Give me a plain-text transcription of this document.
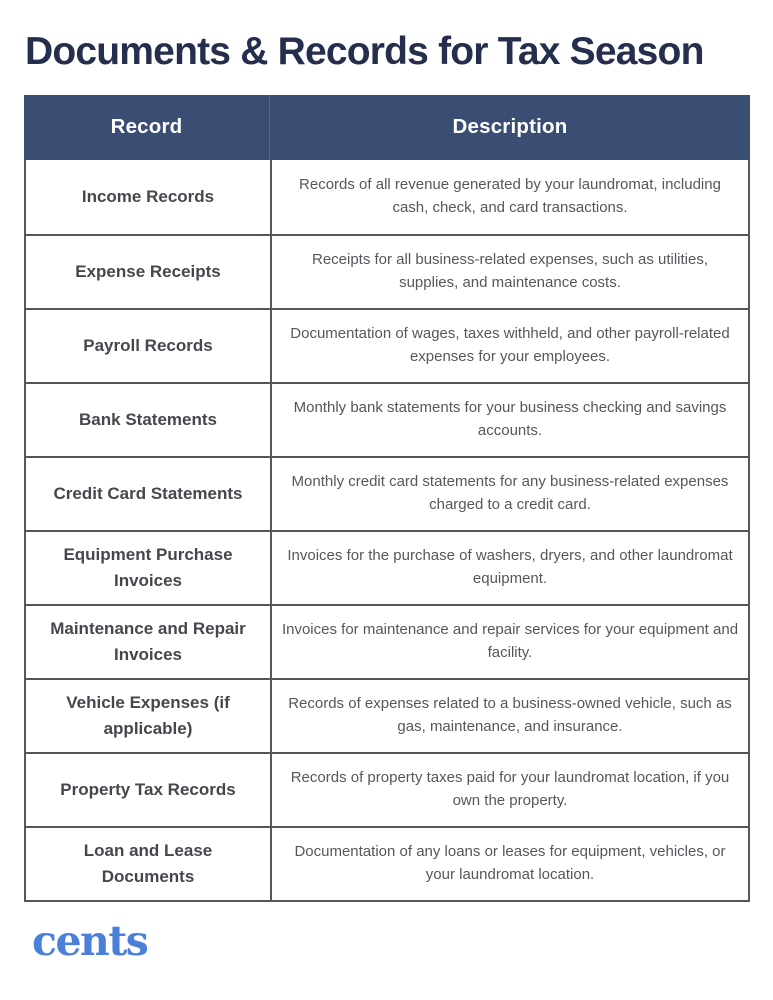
Documents & Records for Tax Season
Record	Description
Income Records
Records of all revenue generated by your laundromat, including cash, check, and card transactions.
Expense Receipts
Receipts for all business-related expenses, such as utilities, supplies, and maintenance costs.
Payroll Records
Documentation of wages, taxes withheld, and other payroll-related expenses for your employees.
Bank Statements
Monthly bank statements for your business checking and savings accounts.
Credit Card Statements
Monthly credit card statements for any business-related expenses charged to a credit card.
Equipment Purchase Invoices
Invoices for the purchase of washers, dryers, and other laundromat equipment.
Maintenance and Repair Invoices
Invoices for maintenance and repair services for your equipment and facility.
Vehicle Expenses (if applicable)
Records of expenses related to a business-owned vehicle, such as gas, maintenance, and insurance.
Property Tax Records
Records of property taxes paid for your laundromat location, if you own the property.
Loan and Lease Documents
Documentation of any loans or leases for equipment, vehicles, or your laundromat location.
cents
